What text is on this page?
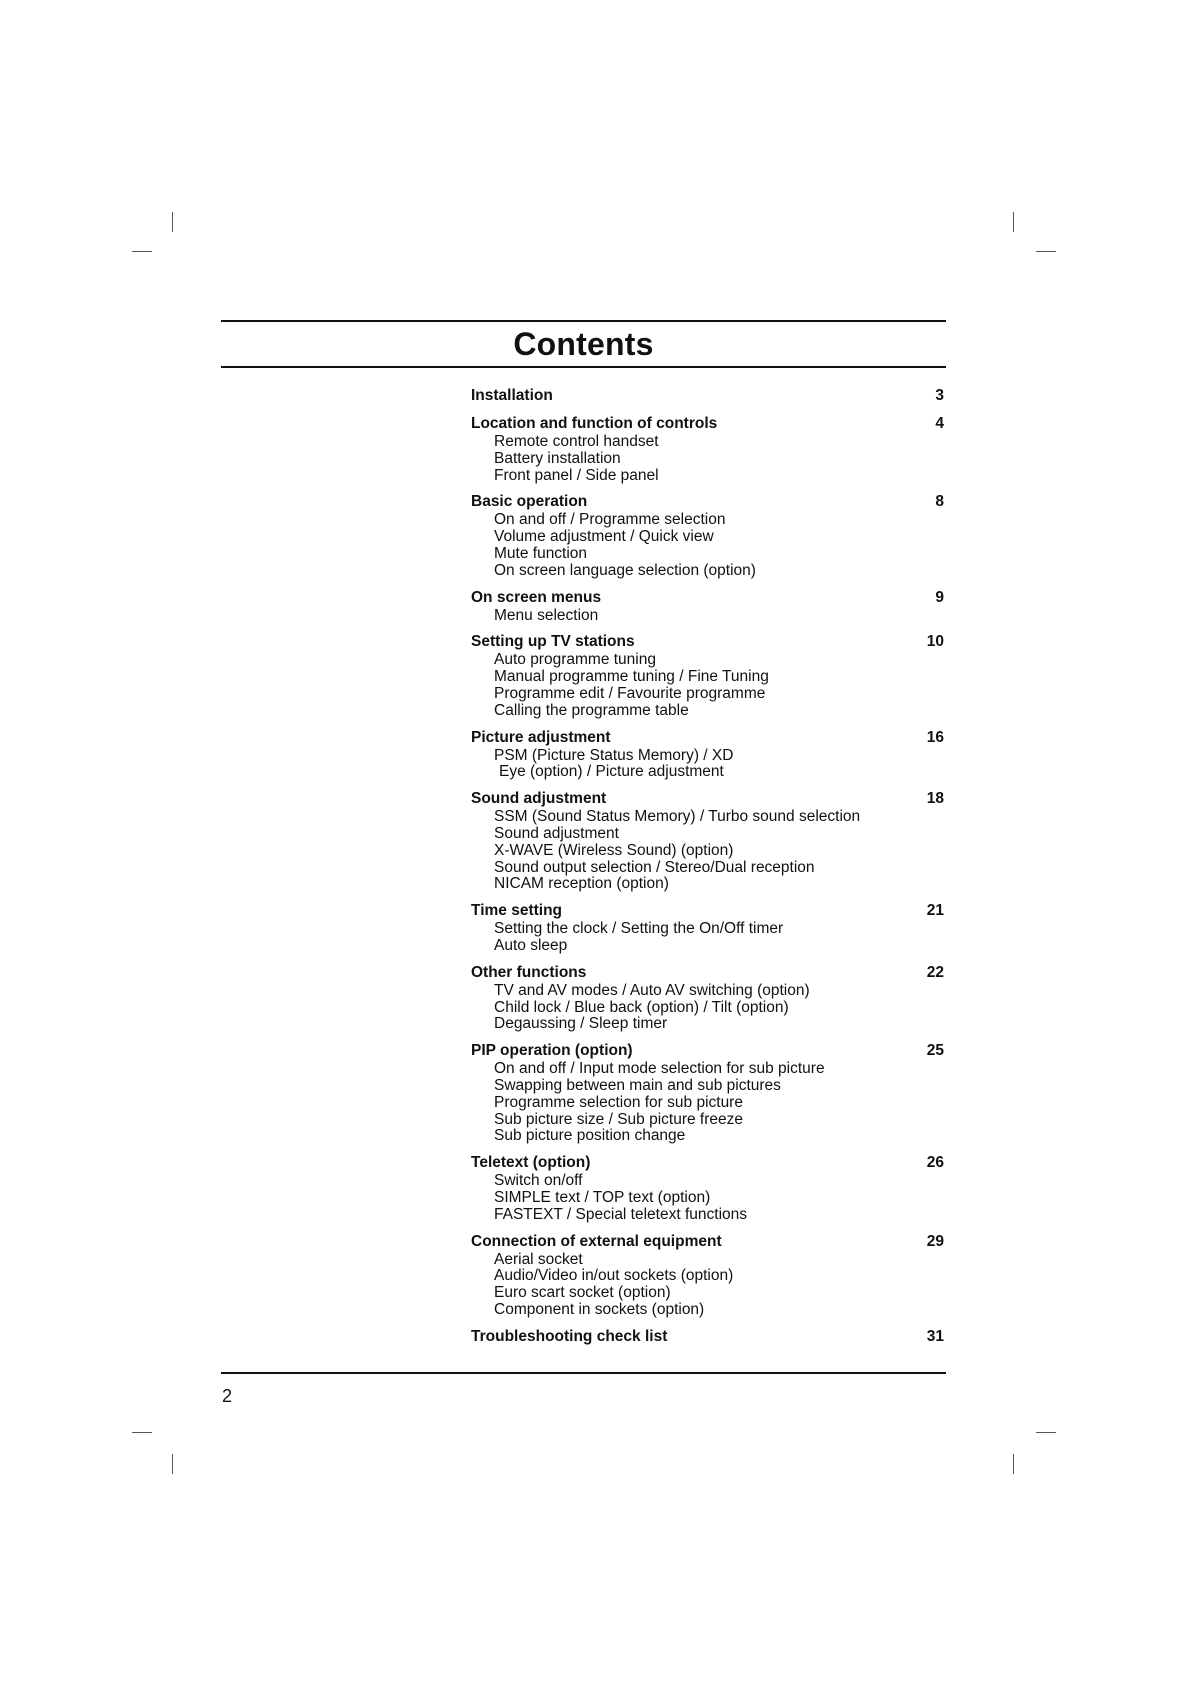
Contents
Installation	3
Location and function of controls	4
Remote control handset
Battery installation
Front panel / Side panel
Basic operation	8
On and off / Programme selection
Volume adjustment / Quick view
Mute function
On screen language selection (option)
On screen menus	9
Menu selection
Setting up TV stations	10
Auto programme tuning
Manual programme tuning / Fine Tuning
Programme edit / Favourite programme
Calling the programme table
Picture adjustment	16
PSM (Picture Status Memory) / XD
Eye (option) / Picture adjustment
Sound adjustment	18
SSM (Sound Status Memory) / Turbo sound selection
Sound adjustment
X-WAVE (Wireless Sound) (option)
Sound output selection / Stereo/Dual reception
NICAM reception (option)
Time setting	21
Setting the clock / Setting the On/Off timer
Auto sleep
Other functions	22
TV and AV modes / Auto AV switching (option)
Child lock / Blue back (option) / Tilt (option)
Degaussing / Sleep timer
PIP operation (option)	25
On and off / Input mode selection for sub picture
Swapping between main and sub pictures
Programme selection for sub picture
Sub picture size / Sub picture freeze
Sub picture position change
Teletext (option)	26
Switch on/off
SIMPLE text / TOP text (option)
FASTEXT / Special teletext functions
Connection of external equipment	29
Aerial socket
Audio/Video in/out sockets (option)
Euro scart socket (option)
Component in sockets (option)
Troubleshooting check list	31
2
